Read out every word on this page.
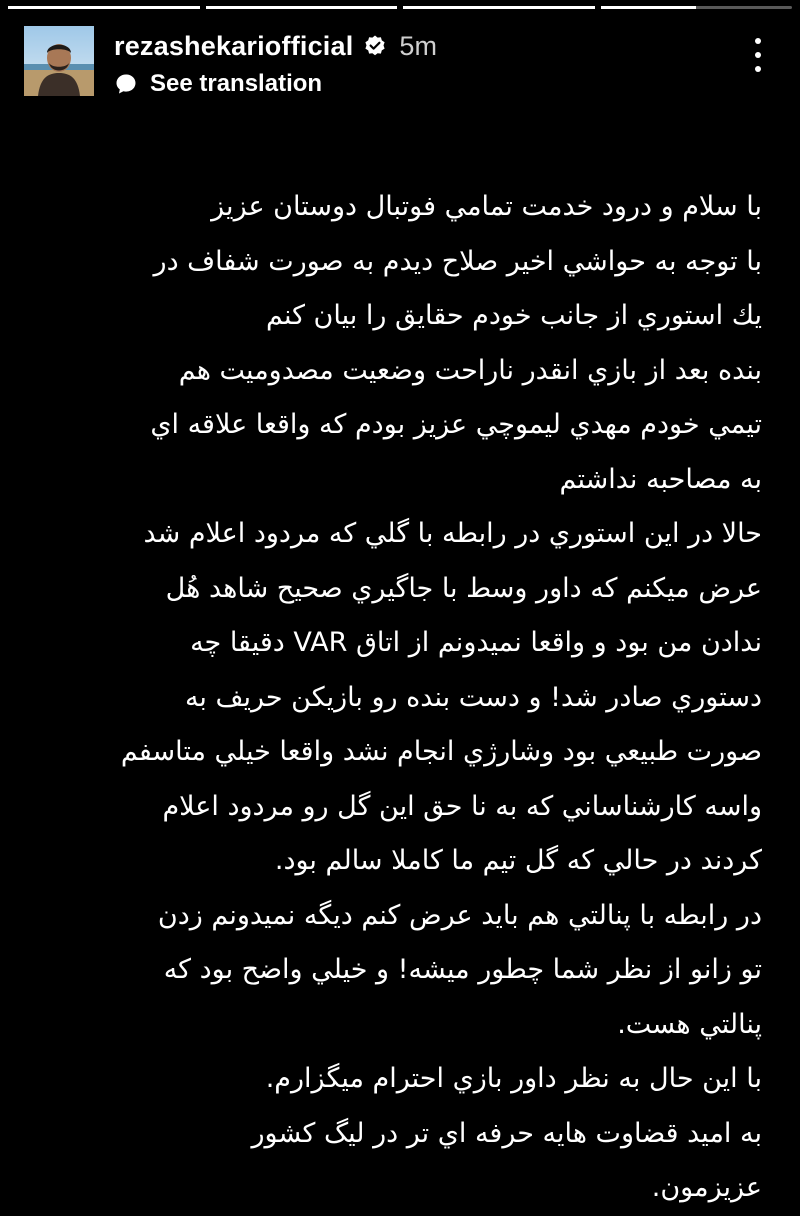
rezashekariofficial 5m
See translation
با سلام و درود خدمت تمامي فوتبال دوستان عزيز
با توجه به حواشي اخير صلاح ديدم به صورت شفاف در
يك استوري از جانب خودم حقايق را بيان كنم
بنده بعد از بازي انقدر ناراحت وضعيت مصدوميت هم
تيمي خودم مهدي ليموچي عزيز بودم كه واقعا علاقه اي
به مصاحبه نداشتم
حالا در اين استوري در رابطه با گلي كه مردود اعلام شد
عرض ميكنم كه داور وسط با جاگيري صحيح شاهد هُل
ندادن من بود و واقعا نميدونم از اتاق VAR دقيقا چه
دستوري صادر شد! و دست بنده رو بازيكن حريف به
صورت طبيعي بود وشارژي انجام نشد واقعا خيلي متاسفم
واسه كارشناساني كه به نا حق اين گل رو مردود اعلام
كردند در حالي كه گل تيم ما كاملا سالم بود.
در رابطه با پنالتي هم بايد عرض كنم ديگه نميدونم زدن
تو زانو از نظر شما چطور ميشه! و خيلي واضح بود كه
پنالتي هست.
با اين حال به نظر داور بازي احترام ميگزارم.
به اميد قضاوت هايه حرفه اي تر در ليگ كشور
عزيزمون.
